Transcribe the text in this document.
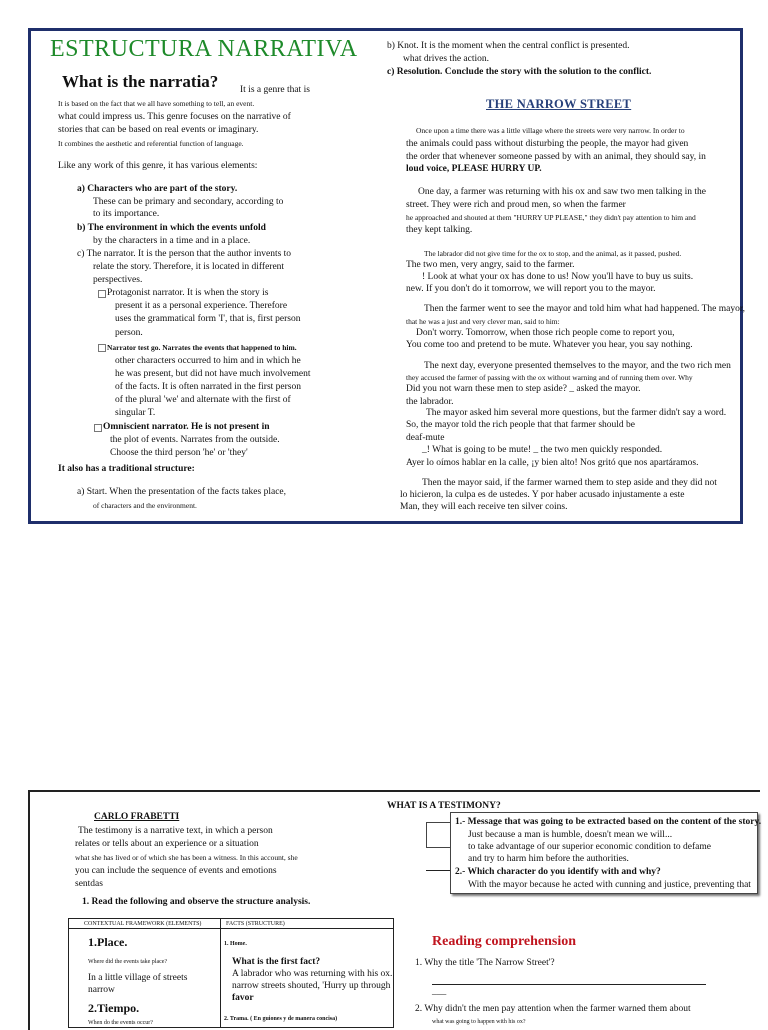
ESTRUCTURA NARRATIVA
What is the narratia? It is a genre that is
It is based on the fact that we all have something to tell, an event.
what could impress us. This genre focuses on the narrative of
stories that can be based on real events or imaginary.
It combines the aesthetic and referential function of language.
Like any work of this genre, it has various elements:
a) Characters who are part of the story.
These can be primary and secondary, according to
to its importance.
b) The environment in which the events unfold
by the characters in a time and in a place.
c) The narrator. It is the person that the author invents to
relate the story. Therefore, it is located in different
perspectives.
Protagonist narrator. It is when the story is
present it as a personal experience. Therefore
uses the grammatical form 'I', that is, first person
person.
Narrator test go. Narrates the events that happened to him.
other characters occurred to him and in which he
he was present, but did not have much involvement
of the facts. It is often narrated in the first person
of the plural 'we' and alternate with the first of
singular T.
Omniscient narrator. He is not present in
the plot of events. Narrates from the outside.
Choose the third person 'he' or 'they'
It also has a traditional structure:
a) Start. When the presentation of the facts takes place,
of characters and the environment.
b) Knot. It is the moment when the central conflict is presented.
what drives the action.
c) Resolution. Conclude the story with the solution to the conflict.
THE NARROW STREET
Once upon a time there was a little village where the streets were very narrow. In order to
the animals could pass without disturbing the people, the mayor had given
the order that whenever someone passed by with an animal, they should say, in
loud voice, PLEASE HURRY UP.
One day, a farmer was returning with his ox and saw two men talking in the
street. They were rich and proud men, so when the farmer
he approached and shouted at them "HURRY UP PLEASE," they didn't pay attention to him and
they kept talking.
The labrador did not give time for the ox to stop, and the animal, as it passed, pushed.
The two men, very angry, said to the farmer.
! Look at what your ox has done to us! Now you'll have to buy us suits.
new. If you don't do it tomorrow, we will report you to the mayor.
Then the farmer went to see the mayor and told him what had happened. The mayor,
that he was a just and very clever man, said to him:
Don't worry. Tomorrow, when those rich people come to report you,
You come too and pretend to be mute. Whatever you hear, you say nothing.
The next day, everyone presented themselves to the mayor, and the two rich men
they accused the farmer of passing with the ox without warning and of running them over. Why
Did you not warn these men to step aside? _ asked the mayor.
the labrador.
The mayor asked him several more questions, but the farmer didn't say a word.
So, the mayor told the rich people that that farmer should be
deaf-mute
_! What is going to be mute! _ the two men quickly responded.
Ayer lo oímos hablar en la calle, ¡y bien alto! Nos gritó que nos apartáramos.
Then the mayor said, if the farmer warned them to step aside and they did not
lo hicieron, la culpa es de ustedes. Y por haber acusado injustamente a este
Man, they will each receive ten silver coins.
CARLO FRABETTI
WHAT IS A TESTIMONY?
The testimony is a narrative text, in which a person
relates or tells about an experience or a situation
what she has lived or of which she has been a witness. In this account, she
you can include the sequence of events and emotions
sentdas
1. Read the following and observe the structure analysis.
CONTEXTUAL FRAMEWORK (ELEMENTS)	FACTS (STRUCTURE)
1.Place.
Where did the events take place?
In a little village of streets
narrow
2.Tiempo.
When do the events occur?
1. Home.
What is the first fact?
A labrador who was returning with his ox.
narrow streets shouted, 'Hurry up through
favor
2. Trama. ( En guiones y de manera concisa)
1.- Message that was going to be extracted based on the content of the story.
Just because a man is humble, doesn't mean we will...
to take advantage of our superior economic condition to defame
and try to harm him before the authorities.
2.- Which character do you identify with and why?
With the mayor because he acted with cunning and justice, preventing that
Reading comprehension
1. Why the title 'The Narrow Street'?
___
2. Why didn't the men pay attention when the farmer warned them about
what was going to happen with his ox?
